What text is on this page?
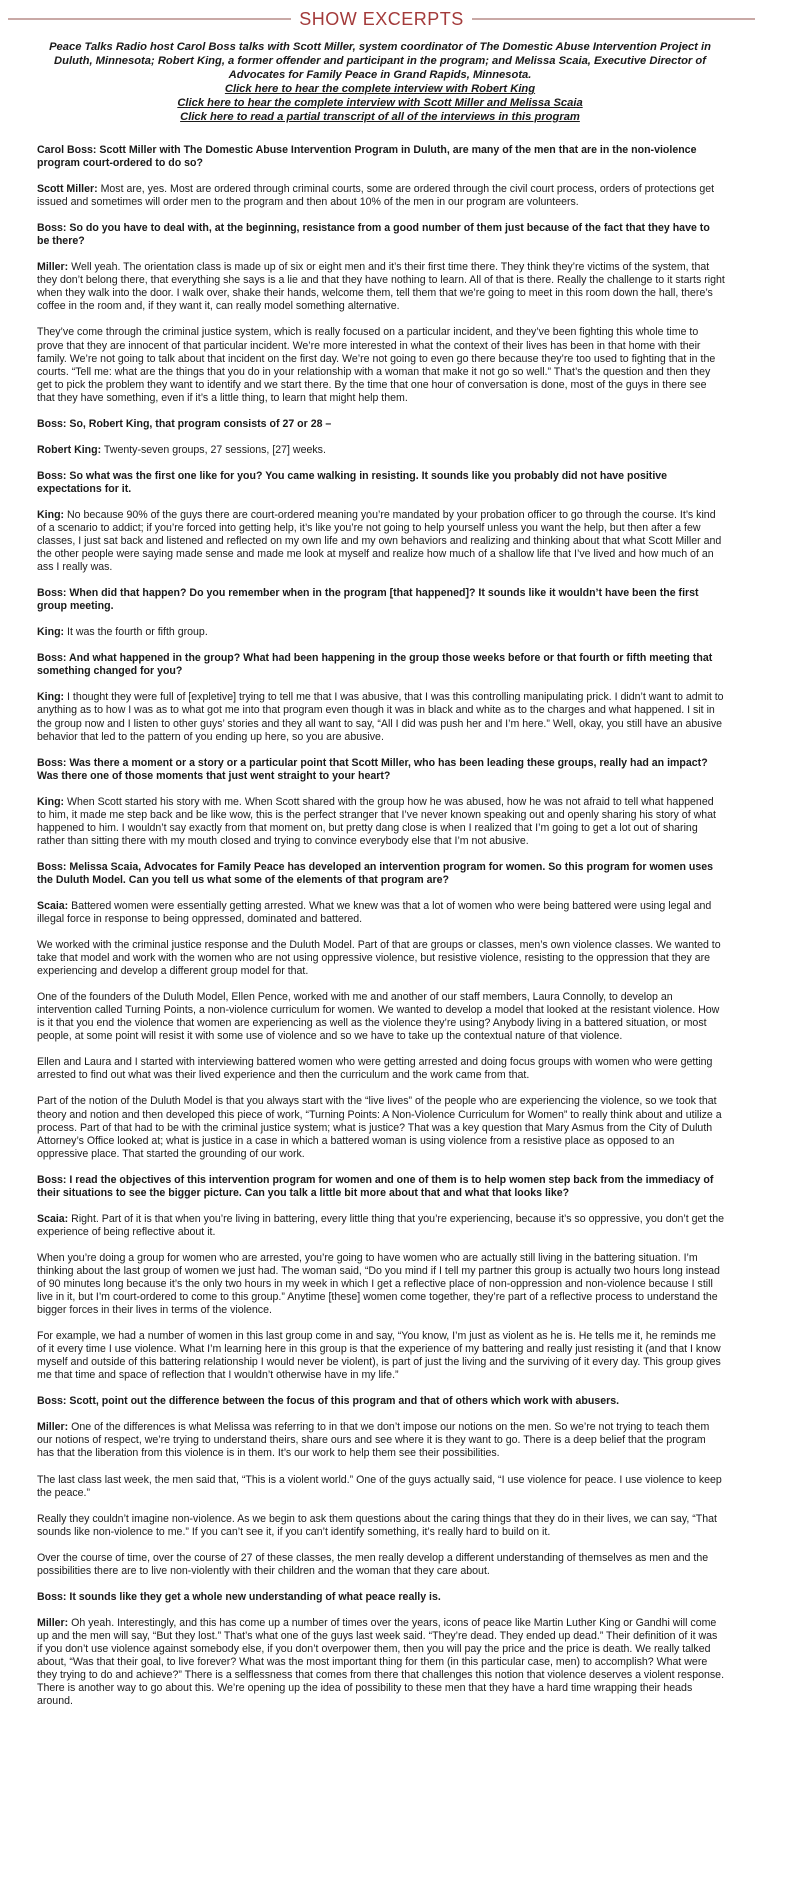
SHOW EXCERPTS
Peace Talks Radio host Carol Boss talks with Scott Miller, system coordinator of The Domestic Abuse Intervention Project in Duluth, Minnesota; Robert King, a former offender and participant in the program; and Melissa Scaia, Executive Director of Advocates for Family Peace in Grand Rapids, Minnesota.
Click here to hear the complete interview with Robert King
Click here to hear the complete interview with Scott Miller and Melissa Scaia
Click here to read a partial transcript of all of the interviews in this program

Carol Boss: Scott Miller with The Domestic Abuse Intervention Program in Duluth, are many of the men that are in the non-violence program court-ordered to do so?

Scott Miller: Most are, yes. Most are ordered through criminal courts, some are ordered through the civil court process, orders of protections get issued and sometimes will order men to the program and then about 10% of the men in our program are volunteers.

Boss: So do you have to deal with, at the beginning, resistance from a good number of them just because of the fact that they have to be there?

Miller: Well yeah. The orientation class is made up of six or eight men and it’s their first time there. They think they’re victims of the system, that they don’t belong there, that everything she says is a lie and that they have nothing to learn. All of that is there. Really the challenge to it starts right when they walk into the door. I walk over, shake their hands, welcome them, tell them that we’re going to meet in this room down the hall, there’s coffee in the room and, if they want it, can really model something alternative.

They’ve come through the criminal justice system, which is really focused on a particular incident, and they’ve been fighting this whole time to prove that they are innocent of that particular incident. We’re more interested in what the context of their lives has been in that home with their family. We’re not going to talk about that incident on the first day. We’re not going to even go there because they’re too used to fighting that in the courts. “Tell me: what are the things that you do in your relationship with a woman that make it not go so well.” That’s the question and then they get to pick the problem they want to identify and we start there. By the time that one hour of conversation is done, most of the guys in there see that they have something, even if it’s a little thing, to learn that might help them.

Boss: So, Robert King, that program consists of 27 or 28 –

Robert King: Twenty-seven groups, 27 sessions, [27] weeks.

Boss: So what was the first one like for you? You came walking in resisting. It sounds like you probably did not have positive expectations for it.

King: No because 90% of the guys there are court-ordered meaning you’re mandated by your probation officer to go through the course. It’s kind of a scenario to addict; if you’re forced into getting help, it’s like you’re not going to help yourself unless you want the help, but then after a few classes, I just sat back and listened and reflected on my own life and my own behaviors and realizing and thinking about that what Scott Miller and the other people were saying made sense and made me look at myself and realize how much of a shallow life that I’ve lived and how much of an ass I really was.

Boss: When did that happen? Do you remember when in the program [that happened]? It sounds like it wouldn’t have been the first group meeting.

King: It was the fourth or fifth group.

Boss: And what happened in the group? What had been happening in the group those weeks before or that fourth or fifth meeting that something changed for you?

King: I thought they were full of [expletive] trying to tell me that I was abusive, that I was this controlling manipulating prick. I didn’t want to admit to anything as to how I was as to what got me into that program even though it was in black and white as to the charges and what happened. I sit in the group now and I listen to other guys’ stories and they all want to say, “All I did was push her and I’m here.” Well, okay, you still have an abusive behavior that led to the pattern of you ending up here, so you are abusive.

Boss: Was there a moment or a story or a particular point that Scott Miller, who has been leading these groups, really had an impact? Was there one of those moments that just went straight to your heart?

King: When Scott started his story with me. When Scott shared with the group how he was abused, how he was not afraid to tell what happened to him, it made me step back and be like wow, this is the perfect stranger that I’ve never known speaking out and openly sharing his story of what happened to him. I wouldn’t say exactly from that moment on, but pretty dang close is when I realized that I’m going to get a lot out of sharing rather than sitting there with my mouth closed and trying to convince everybody else that I’m not abusive.

Boss: Melissa Scaia, Advocates for Family Peace has developed an intervention program for women. So this program for women uses the Duluth Model. Can you tell us what some of the elements of that program are?

Scaia: Battered women were essentially getting arrested. What we knew was that a lot of women who were being battered were using legal and illegal force in response to being oppressed, dominated and battered.

We worked with the criminal justice response and the Duluth Model. Part of that are groups or classes, men’s own violence classes. We wanted to take that model and work with the women who are not using oppressive violence, but resistive violence, resisting to the oppression that they are experiencing and develop a different group model for that.

One of the founders of the Duluth Model, Ellen Pence, worked with me and another of our staff members, Laura Connolly, to develop an intervention called Turning Points, a non-violence curriculum for women. We wanted to develop a model that looked at the resistant violence. How is it that you end the violence that women are experiencing as well as the violence they’re using? Anybody living in a battered situation, or most people, at some point will resist it with some use of violence and so we have to take up the contextual nature of that violence.

Ellen and Laura and I started with interviewing battered women who were getting arrested and doing focus groups with women who were getting arrested to find out what was their lived experience and then the curriculum and the work came from that.

Part of the notion of the Duluth Model is that you always start with the “live lives” of the people who are experiencing the violence, so we took that theory and notion and then developed this piece of work, “Turning Points: A Non-Violence Curriculum for Women” to really think about and utilize a process. Part of that had to be with the criminal justice system; what is justice? That was a key question that Mary Asmus from the City of Duluth Attorney’s Office looked at; what is justice in a case in which a battered woman is using violence from a resistive place as opposed to an oppressive place. That started the grounding of our work.

Boss: I read the objectives of this intervention program for women and one of them is to help women step back from the immediacy of their situations to see the bigger picture. Can you talk a little bit more about that and what that looks like?

Scaia: Right. Part of it is that when you’re living in battering, every little thing that you’re experiencing, because it’s so oppressive, you don’t get the experience of being reflective about it.

When you’re doing a group for women who are arrested, you’re going to have women who are actually still living in the battering situation. I’m thinking about the last group of women we just had. The woman said, “Do you mind if I tell my partner this group is actually two hours long instead of 90 minutes long because it’s the only two hours in my week in which I get a reflective place of non-oppression and non-violence because I still live in it, but I’m court-ordered to come to this group.” Anytime [these] women come together, they’re part of a reflective process to understand the bigger forces in their lives in terms of the violence.

For example, we had a number of women in this last group come in and say, “You know, I’m just as violent as he is. He tells me it, he reminds me of it every time I use violence. What I’m learning here in this group is that the experience of my battering and really just resisting it (and that I know myself and outside of this battering relationship I would never be violent), is part of just the living and the surviving of it every day. This group gives me that time and space of reflection that I wouldn’t otherwise have in my life.”

Boss: Scott, point out the difference between the focus of this program and that of others which work with abusers.

Miller: One of the differences is what Melissa was referring to in that we don’t impose our notions on the men. So we’re not trying to teach them our notions of respect, we’re trying to understand theirs, share ours and see where it is they want to go. There is a deep belief that the program has that the liberation from this violence is in them. It’s our work to help them see their possibilities.

The last class last week, the men said that, “This is a violent world.” One of the guys actually said, “I use violence for peace. I use violence to keep the peace.”

Really they couldn’t imagine non-violence. As we begin to ask them questions about the caring things that they do in their lives, we can say, “That sounds like non-violence to me.” If you can’t see it, if you can’t identify something, it’s really hard to build on it.

Over the course of time, over the course of 27 of these classes, the men really develop a different understanding of themselves as men and the possibilities there are to live non-violently with their children and the woman that they care about.

Boss: It sounds like they get a whole new understanding of what peace really is.

Miller: Oh yeah. Interestingly, and this has come up a number of times over the years, icons of peace like Martin Luther King or Gandhi will come up and the men will say, “But they lost.” That’s what one of the guys last week said. “They’re dead. They ended up dead.” Their definition of it was if you don’t use violence against somebody else, if you don’t overpower them, then you will pay the price and the price is death. We really talked about, “Was that their goal, to live forever? What was the most important thing for them (in this particular case, men) to accomplish? What were they trying to do and achieve?” There is a selflessness that comes from there that challenges this notion that violence deserves a violent response. There is another way to go about this. We’re opening up the idea of possibility to these men that they have a hard time wrapping their heads around.
